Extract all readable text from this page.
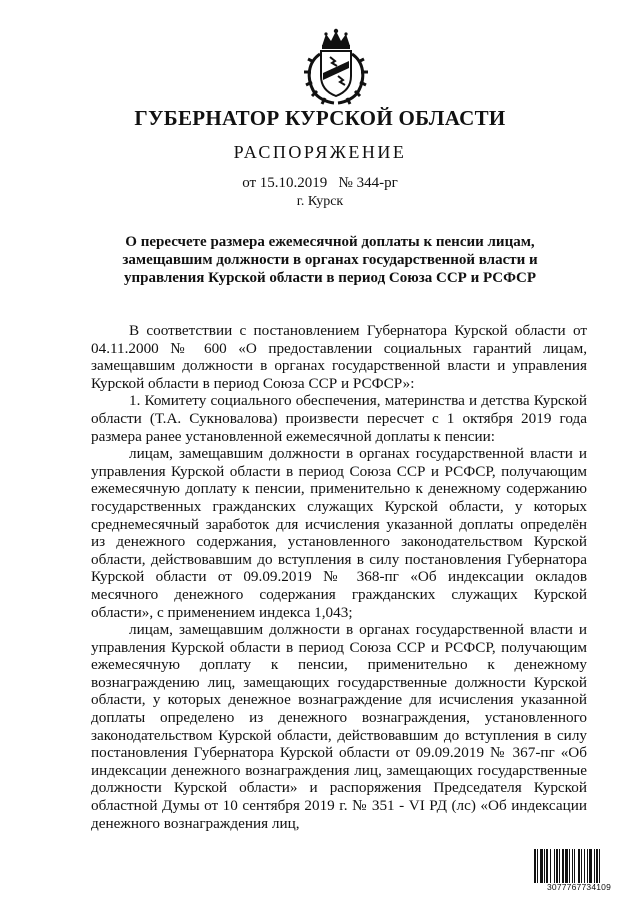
ГУБЕРНАТОР КУРСКОЙ ОБЛАСТИ
РАСПОРЯЖЕНИЕ
от 15.10.2019   № 344-рг
г. Курск
О пересчете размера ежемесячной доплаты к пенсии лицам, замещавшим должности в органах государственной власти и управления Курской области в период Союза ССР и РСФСР

В соответствии с постановлением Губернатора Курской области от 04.11.2000 № 600 «О предоставлении социальных гарантий лицам, замещавшим должности в органах государственной власти и управления Курской области в период Союза ССР и РСФСР»:

1. Комитету социального обеспечения, материнства и детства Курской области (Т.А. Сукновалова) произвести пересчет с 1 октября 2019 года размера ранее установленной ежемесячной доплаты к пенсии:

лицам, замещавшим должности в органах государственной власти и управления Курской области в период Союза ССР и РСФСР, получающим ежемесячную доплату к пенсии, применительно к денежному содержанию государственных гражданских служащих Курской области, у которых среднемесячный заработок для исчисления указанной доплаты определён из денежного содержания, установленного законодательством Курской области, действовавшим до вступления в силу постановления Губернатора Курской области от 09.09.2019 № 368-пг «Об индексации окладов месячного денежного содержания гражданских служащих Курской области», с применением индекса 1,043;

лицам, замещавшим должности в органах государственной власти и управления Курской области в период Союза ССР и РСФСР, получающим ежемесячную доплату к пенсии, применительно к денежному вознаграждению лиц, замещающих государственные должности Курской области, у которых денежное вознаграждение для исчисления указанной доплаты определено из денежного вознаграждения, установленного законодательством Курской области, действовавшим до вступления в силу постановления Губернатора Курской области от 09.09.2019 № 367-пг «Об индексации денежного вознаграждения лиц, замещающих государственные должности Курской области» и распоряжения Председателя Курской областной Думы от 10 сентября 2019 г. № 351 - VI РД (лс) «Об индексации денежного вознаграждения лиц,

3077767734109
